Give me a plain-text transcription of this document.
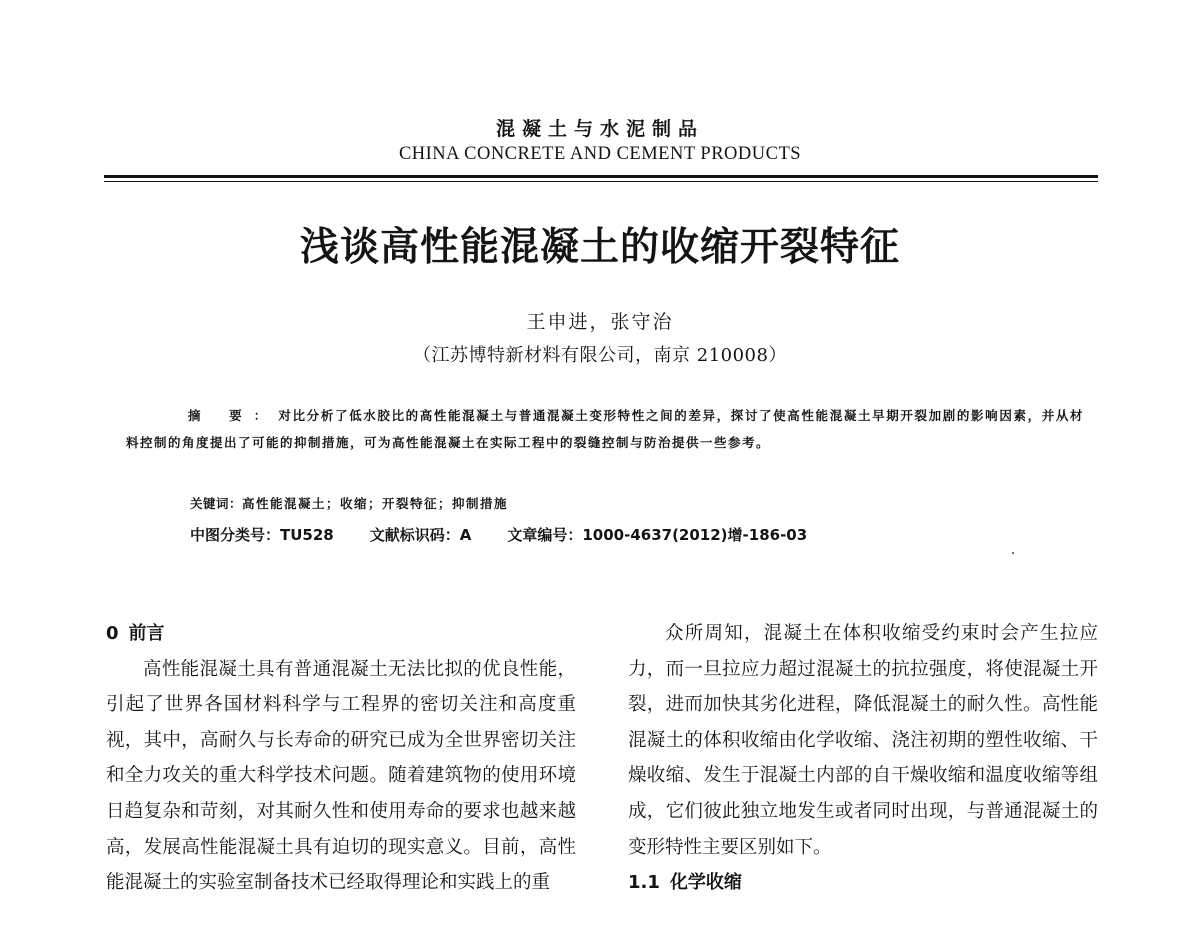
混凝土与水泥制品
CHINA CONCRETE AND CEMENT PRODUCTS
浅谈高性能混凝土的收缩开裂特征
王申进，张守治
（江苏博特新材料有限公司，南京 210008）
摘 要：对比分析了低水胶比的高性能混凝土与普通混凝土变形特性之间的差异，探讨了使高性能混凝土早期开裂加剧的影响因素，并从材料控制的角度提出了可能的抑制措施，可为高性能混凝土在实际工程中的裂缝控制与防治提供一些参考。
关键词：高性能混凝土；收缩；开裂特征；抑制措施
中图分类号：TU528 文献标识码：A 文章编号：1000-4637(2012)增-186-03
0 前言

高性能混凝土具有普通混凝土无法比拟的优良性能，引起了世界各国材料科学与工程界的密切关注和高度重视，其中，高耐久与长寿命的研究已成为全世界密切关注和全力攻关的重大科学技术问题。随着建筑物的使用环境日趋复杂和苛刻，对其耐久性和使用寿命的要求也越来越高，发展高性能混凝土具有迫切的现实意义。目前，高性能混凝土的实验室制备技术已经取得理论和实践上的重

众所周知，混凝土在体积收缩受约束时会产生拉应力，而一旦拉应力超过混凝土的抗拉强度，将使混凝土开裂，进而加快其劣化进程，降低混凝土的耐久性。高性能混凝土的体积收缩由化学收缩、浇注初期的塑性收缩、干燥收缩、发生于混凝土内部的自干燥收缩和温度收缩等组成，它们彼此独立地发生或者同时出现，与普通混凝土的变形特性主要区别如下。

1.1 化学收缩
